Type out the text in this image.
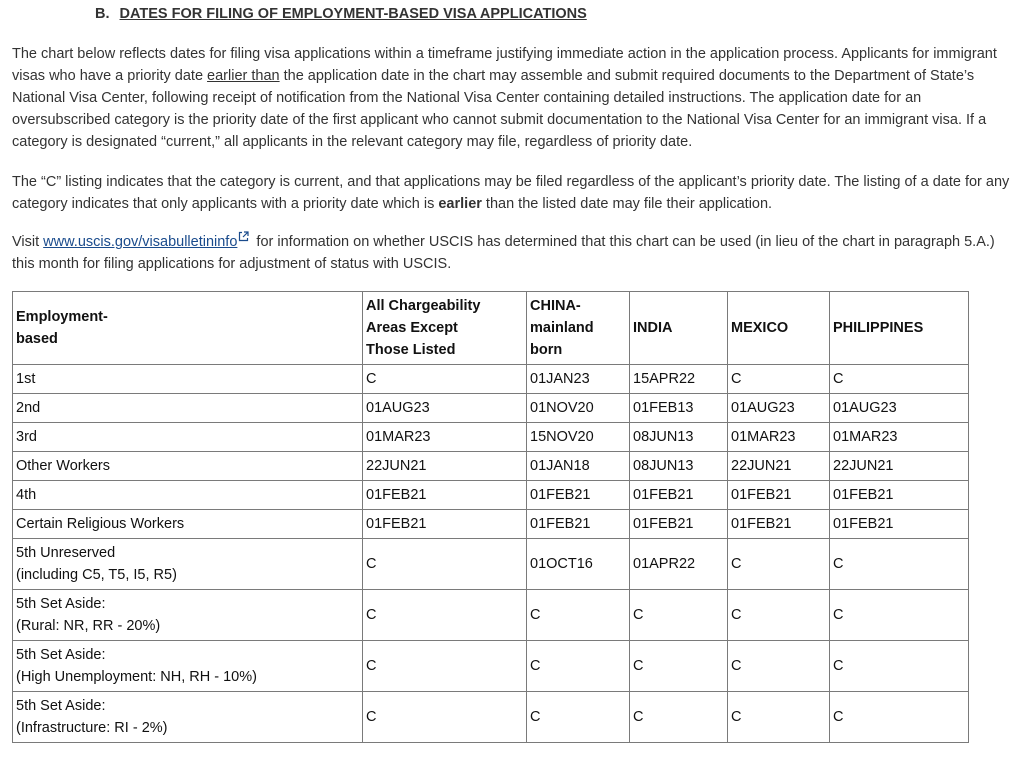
B. DATES FOR FILING OF EMPLOYMENT-BASED VISA APPLICATIONS

The chart below reflects dates for filing visa applications within a timeframe justifying immediate action in the application process. Applicants for immigrant visas who have a priority date earlier than the application date in the chart may assemble and submit required documents to the Department of State’s National Visa Center, following receipt of notification from the National Visa Center containing detailed instructions. The application date for an oversubscribed category is the priority date of the first applicant who cannot submit documentation to the National Visa Center for an immigrant visa. If a category is designated “current,” all applicants in the relevant category may file, regardless of priority date.

The “C” listing indicates that the category is current, and that applications may be filed regardless of the applicant’s priority date. The listing of a date for any category indicates that only applicants with a priority date which is earlier than the listed date may file their application.

Visit www.uscis.gov/visabulletininfo for information on whether USCIS has determined that this chart can be used (in lieu of the chart in paragraph 5.A.) this month for filing applications for adjustment of status with USCIS.

Employment-
based	All Chargeability
Areas Except
Those Listed	CHINA-
mainland
born	INDIA	MEXICO	PHILIPPINES

1st	C	01JAN23	15APR22	C	C

2nd	01AUG23	01NOV20	01FEB13	01AUG23	01AUG23

3rd	01MAR23	15NOV20	08JUN13	01MAR23	01MAR23

Other Workers	22JUN21	01JAN18	08JUN13	22JUN21	22JUN21

4th	01FEB21	01FEB21	01FEB21	01FEB21	01FEB21

Certain Religious Workers	01FEB21	01FEB21	01FEB21	01FEB21	01FEB21

5th Unreserved
(including C5, T5, I5, R5)	C	01OCT16	01APR22	C	C

5th Set Aside:
(Rural: NR, RR - 20%)	C	C	C	C	C

5th Set Aside:
(High Unemployment: NH, RH - 10%)	C	C	C	C	C

5th Set Aside:
(Infrastructure: RI - 2%)	C	C	C	C	C
